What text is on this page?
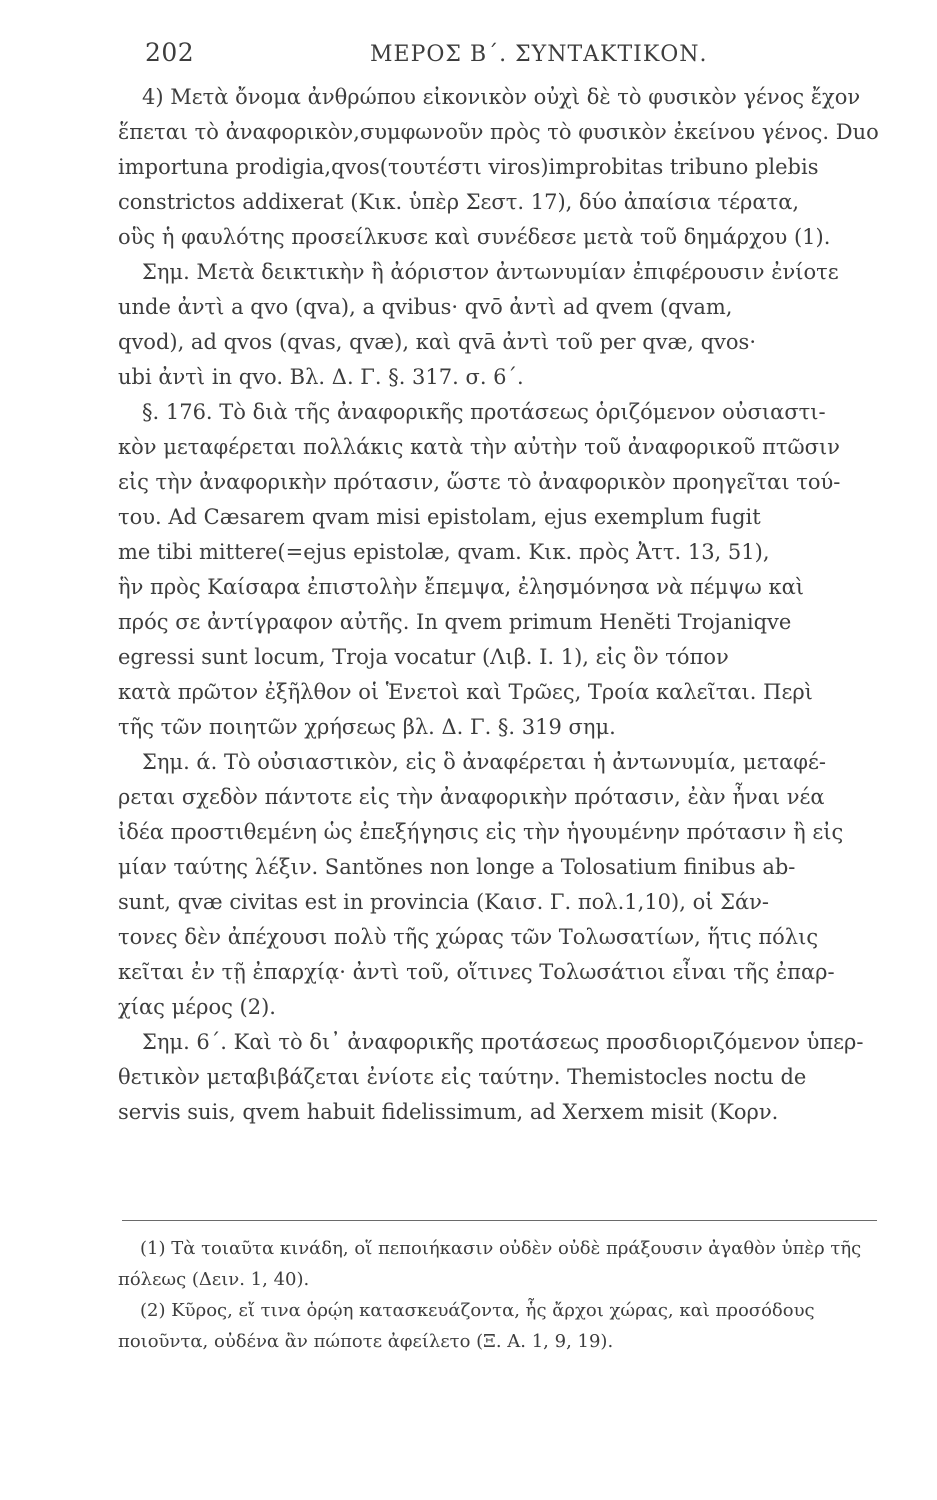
202	ΜΕΡΟΣ Β΄. ΣΥΝΤΑΚΤΙΚΟΝ.
4) Μετὰ ὄνομα ἀνθρώπου εἰκονικὸν οὐχὶ δὲ τὸ φυσικὸν γένος ἔχον
ἕπεται τὸ ἀναφορικὸν,συμφωνοῦν πρὸς τὸ φυσικὸν ἐκείνου γένος. Duo
importuna prodigia,qvos(τουτέστι viros)improbitas tribuno plebis
constrictos addixerat (Κικ. ὑπὲρ Σεστ. 17), δύο ἀπαίσια τέρατα,
οὓς ἡ φαυλότης προσείλκυσε καὶ συνέδεσε μετὰ τοῦ δημάρχου (1).
Σημ. Μετὰ δεικτικὴν ἢ ἀόριστον ἀντωνυμίαν ἐπιφέρουσιν ἐνίοτε
unde ἀντὶ a qvo (qva), a qvibus· qvō ἀντὶ ad qvem (qvam,
qvod), ad qvos (qvas, qvæ), καὶ qvā ἀντὶ τοῦ per qvæ, qvos·
ubi ἀντὶ in qvo. Βλ. Δ. Γ. §. 317. σ. 6΄.
§. 176. Τὸ διὰ τῆς ἀναφορικῆς προτάσεως ὁριζόμενον οὐσιαστι-
κὸν μεταφέρεται πολλάκις κατὰ τὴν αὐτὴν τοῦ ἀναφορικοῦ πτῶσιν
εἰς τὴν ἀναφορικὴν πρότασιν, ὥστε τὸ ἀναφορικὸν προηγεῖται τού-
του. Ad Cæsarem qvam misi epistolam, ejus exemplum fugit
me tibi mittere(=ejus epistolæ, qvam. Κικ. πρὸς Ἀττ. 13, 51),
ἣν πρὸς Καίσαρα ἐπιστολὴν ἔπεμψα, ἐλησμόνησα νὰ πέμψω καὶ
πρός σε ἀντίγραφον αὐτῆς. In qvem primum Henĕti Trojaniqve
egressi sunt locum, Troja vocatur (Λιβ. Ι. 1), εἰς ὃν τόπον
κατὰ πρῶτον ἐξῆλθον οἱ Ἑνετοὶ καὶ Τρῶες, Τροία καλεῖται. Περὶ
τῆς τῶν ποιητῶν χρήσεως βλ. Δ. Γ. §. 319 σημ.
Σημ. ά. Τὸ οὐσιαστικὸν, εἰς ὃ ἀναφέρεται ἡ ἀντωνυμία, μεταφέ-
ρεται σχεδὸν πάντοτε εἰς τὴν ἀναφορικὴν πρότασιν, ἐὰν ἦναι νέα
ἰδέα προστιθεμένη ὡς ἐπεξήγησις εἰς τὴν ἡγουμένην πρότασιν ἢ εἰς
μίαν ταύτης λέξιν. Santŏnes non longe a Tolosatium finibus ab-
sunt, qvæ civitas est in provincia (Καισ. Γ. πολ.1,10), οἱ Σάν-
τονες δὲν ἀπέχουσι πολὺ τῆς χώρας τῶν Τολωσατίων, ἥτις πόλις
κεῖται ἐν τῇ ἐπαρχίᾳ· ἀντὶ τοῦ, οἵτινες Τολωσάτιοι εἶναι τῆς ἐπαρ-
χίας μέρος (2).
Σημ. 6΄. Καὶ τὸ δι᾽ ἀναφορικῆς προτάσεως προσδιοριζόμενον ὑπερ-
θετικὸν μεταβιβάζεται ἐνίοτε εἰς ταύτην. Themistocles noctu de
servis suis, qvem habuit fidelissimum, ad Xerxem misit (Κορν.
(1) Τὰ τοιαῦτα κινάδη, οἵ πεποιήκασιν οὐδὲν οὐδὲ πράξουσιν ἀγαθὸν ὑπὲρ τῆς
πόλεως (Δειν. 1, 40).
(2) Κῦρος, εἴ τινα ὁρῴη κατασκευάζοντα, ἧς ἄρχοι χώρας, καὶ προσόδους
ποιοῦντα, οὐδένα ἂν πώποτε ἀφείλετο (Ξ. Α. 1, 9, 19).
